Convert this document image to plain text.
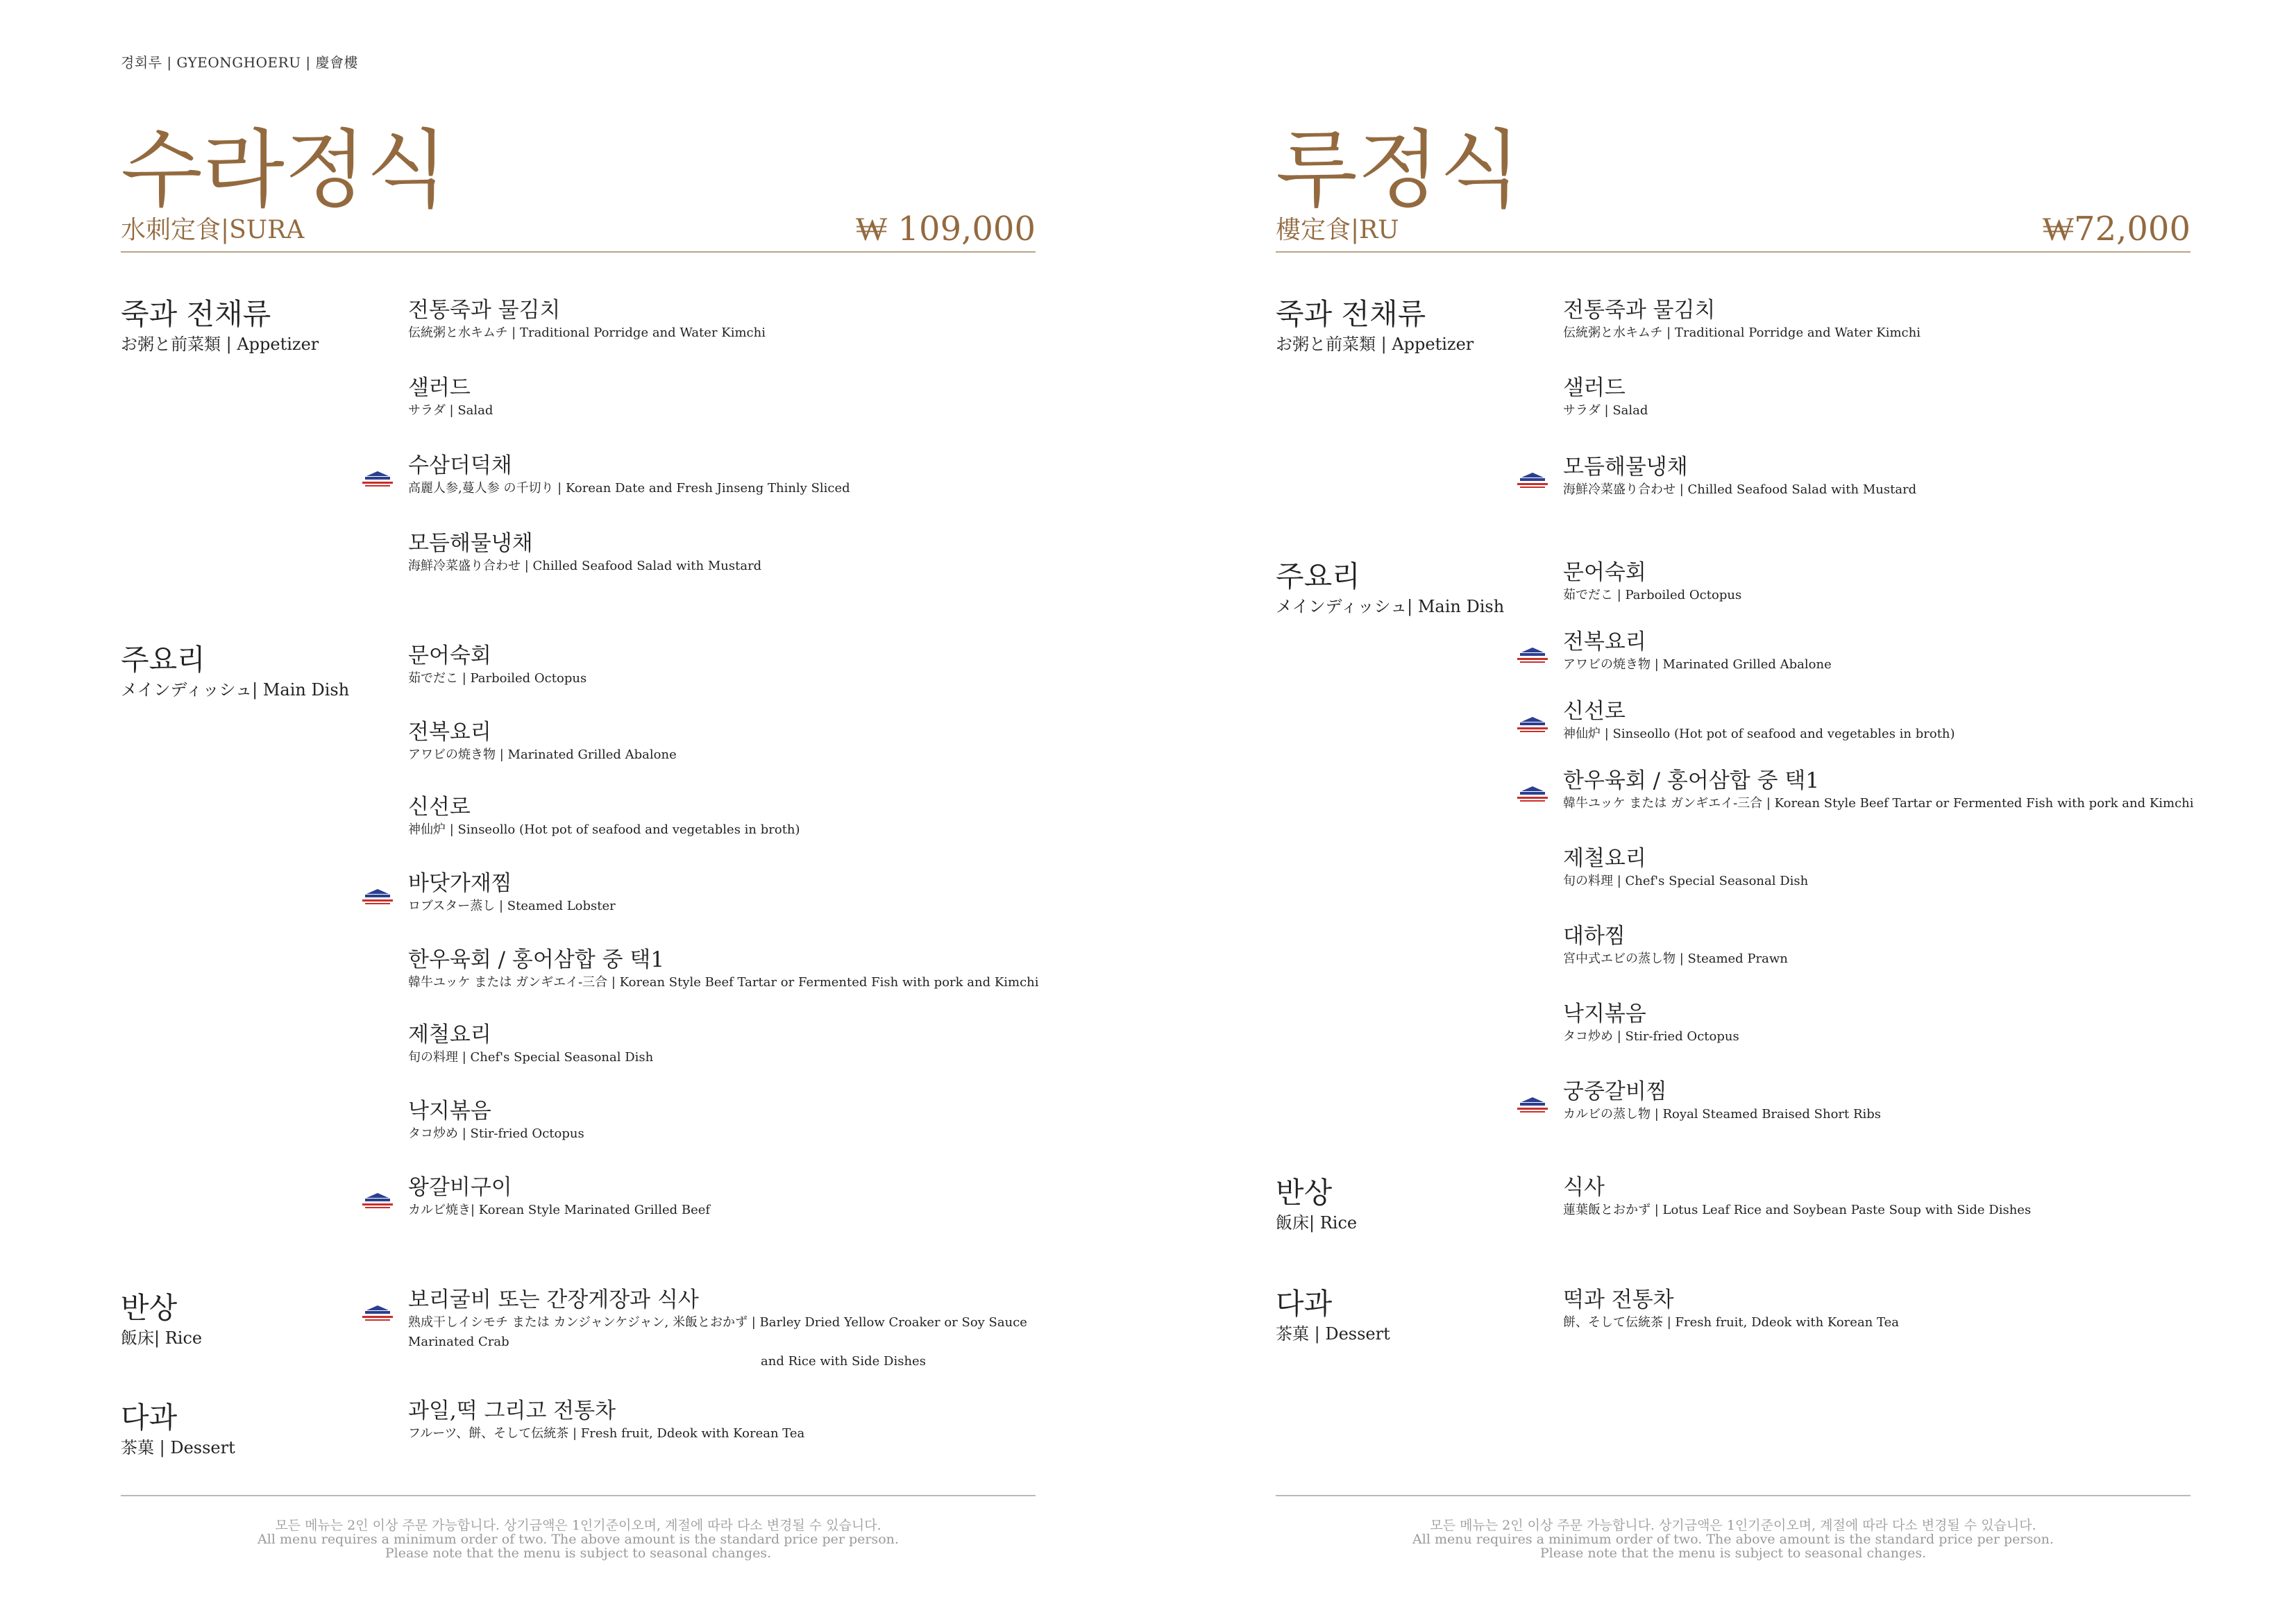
경회루 | GYEONGHOERU | 慶會樓
수라정식
水刺定食|SURA	₩ 109,000
죽과 전채류
お粥と前菜類 | Appetizer
주요리
メインディッシュ| Main Dish
반상
飯床| Rice
다과
茶菓 | Dessert
전통죽과 물김치
伝統粥と水キムチ | Traditional Porridge and Water Kimchi
샐러드
サラダ | Salad
수삼더덕채
高麗人参,蔓人参 の千切り | Korean Date and Fresh Jinseng Thinly Sliced
모듬해물냉채
海鮮冷菜盛り合わせ | Chilled Seafood Salad with Mustard
문어숙회
茹でだこ | Parboiled Octopus
전복요리
アワビの焼き物 | Marinated Grilled Abalone
신선로
神仙炉 | Sinseollo (Hot pot of seafood and vegetables in broth)
바닷가재찜
ロブスター蒸し | Steamed Lobster
한우육회 / 홍어삼합 중 택1
韓牛ユッケ または ガンギエイ-三合 | Korean Style Beef Tartar or Fermented Fish with pork and Kimchi
제철요리
旬の料理 | Chef's Special Seasonal Dish
낙지볶음
タコ炒め | Stir-fried Octopus
왕갈비구이
カルビ焼き| Korean Style Marinated Grilled Beef
보리굴비 또는 간장게장과 식사
熟成干しイシモチ または カンジャンケジャン, 米飯とおかず | Barley Dried Yellow Croaker or Soy Sauce Marinated Crab
and Rice with Side Dishes
과일,떡 그리고 전통차
フルーツ、餅、そして伝統茶 | Fresh fruit, Ddeok with Korean Tea
모든 메뉴는 2인 이상 주문 가능합니다. 상기금액은 1인기준이오며, 계절에 따라 다소 변경될 수 있습니다.
All menu requires a minimum order of two. The above amount is the standard price per person.
Please note that the menu is subject to seasonal changes.
루정식
樓定食|RU	₩72,000
죽과 전채류
お粥と前菜類 | Appetizer
주요리
メインディッシュ| Main Dish
반상
飯床| Rice
다과
茶菓 | Dessert
전통죽과 물김치
伝統粥と水キムチ | Traditional Porridge and Water Kimchi
샐러드
サラダ | Salad
모듬해물냉채
海鮮冷菜盛り合わせ | Chilled Seafood Salad with Mustard
문어숙회
茹でだこ | Parboiled Octopus
전복요리
アワビの焼き物 | Marinated Grilled Abalone
신선로
神仙炉 | Sinseollo (Hot pot of seafood and vegetables in broth)
한우육회 / 홍어삼합 중 택1
韓牛ユッケ または ガンギエイ-三合 | Korean Style Beef Tartar or Fermented Fish with pork and Kimchi
제철요리
旬の料理 | Chef's Special Seasonal Dish
대하찜
宮中式エビの蒸し物 | Steamed Prawn
낙지볶음
タコ炒め | Stir-fried Octopus
궁중갈비찜
カルビの蒸し物 | Royal Steamed Braised Short Ribs
식사
蓮葉飯とおかず | Lotus Leaf Rice and Soybean Paste Soup with Side Dishes
떡과 전통차
餅、そして伝統茶 | Fresh fruit, Ddeok with Korean Tea
모든 메뉴는 2인 이상 주문 가능합니다. 상기금액은 1인기준이오며, 계절에 따라 다소 변경될 수 있습니다.
All menu requires a minimum order of two. The above amount is the standard price per person.
Please note that the menu is subject to seasonal changes.
